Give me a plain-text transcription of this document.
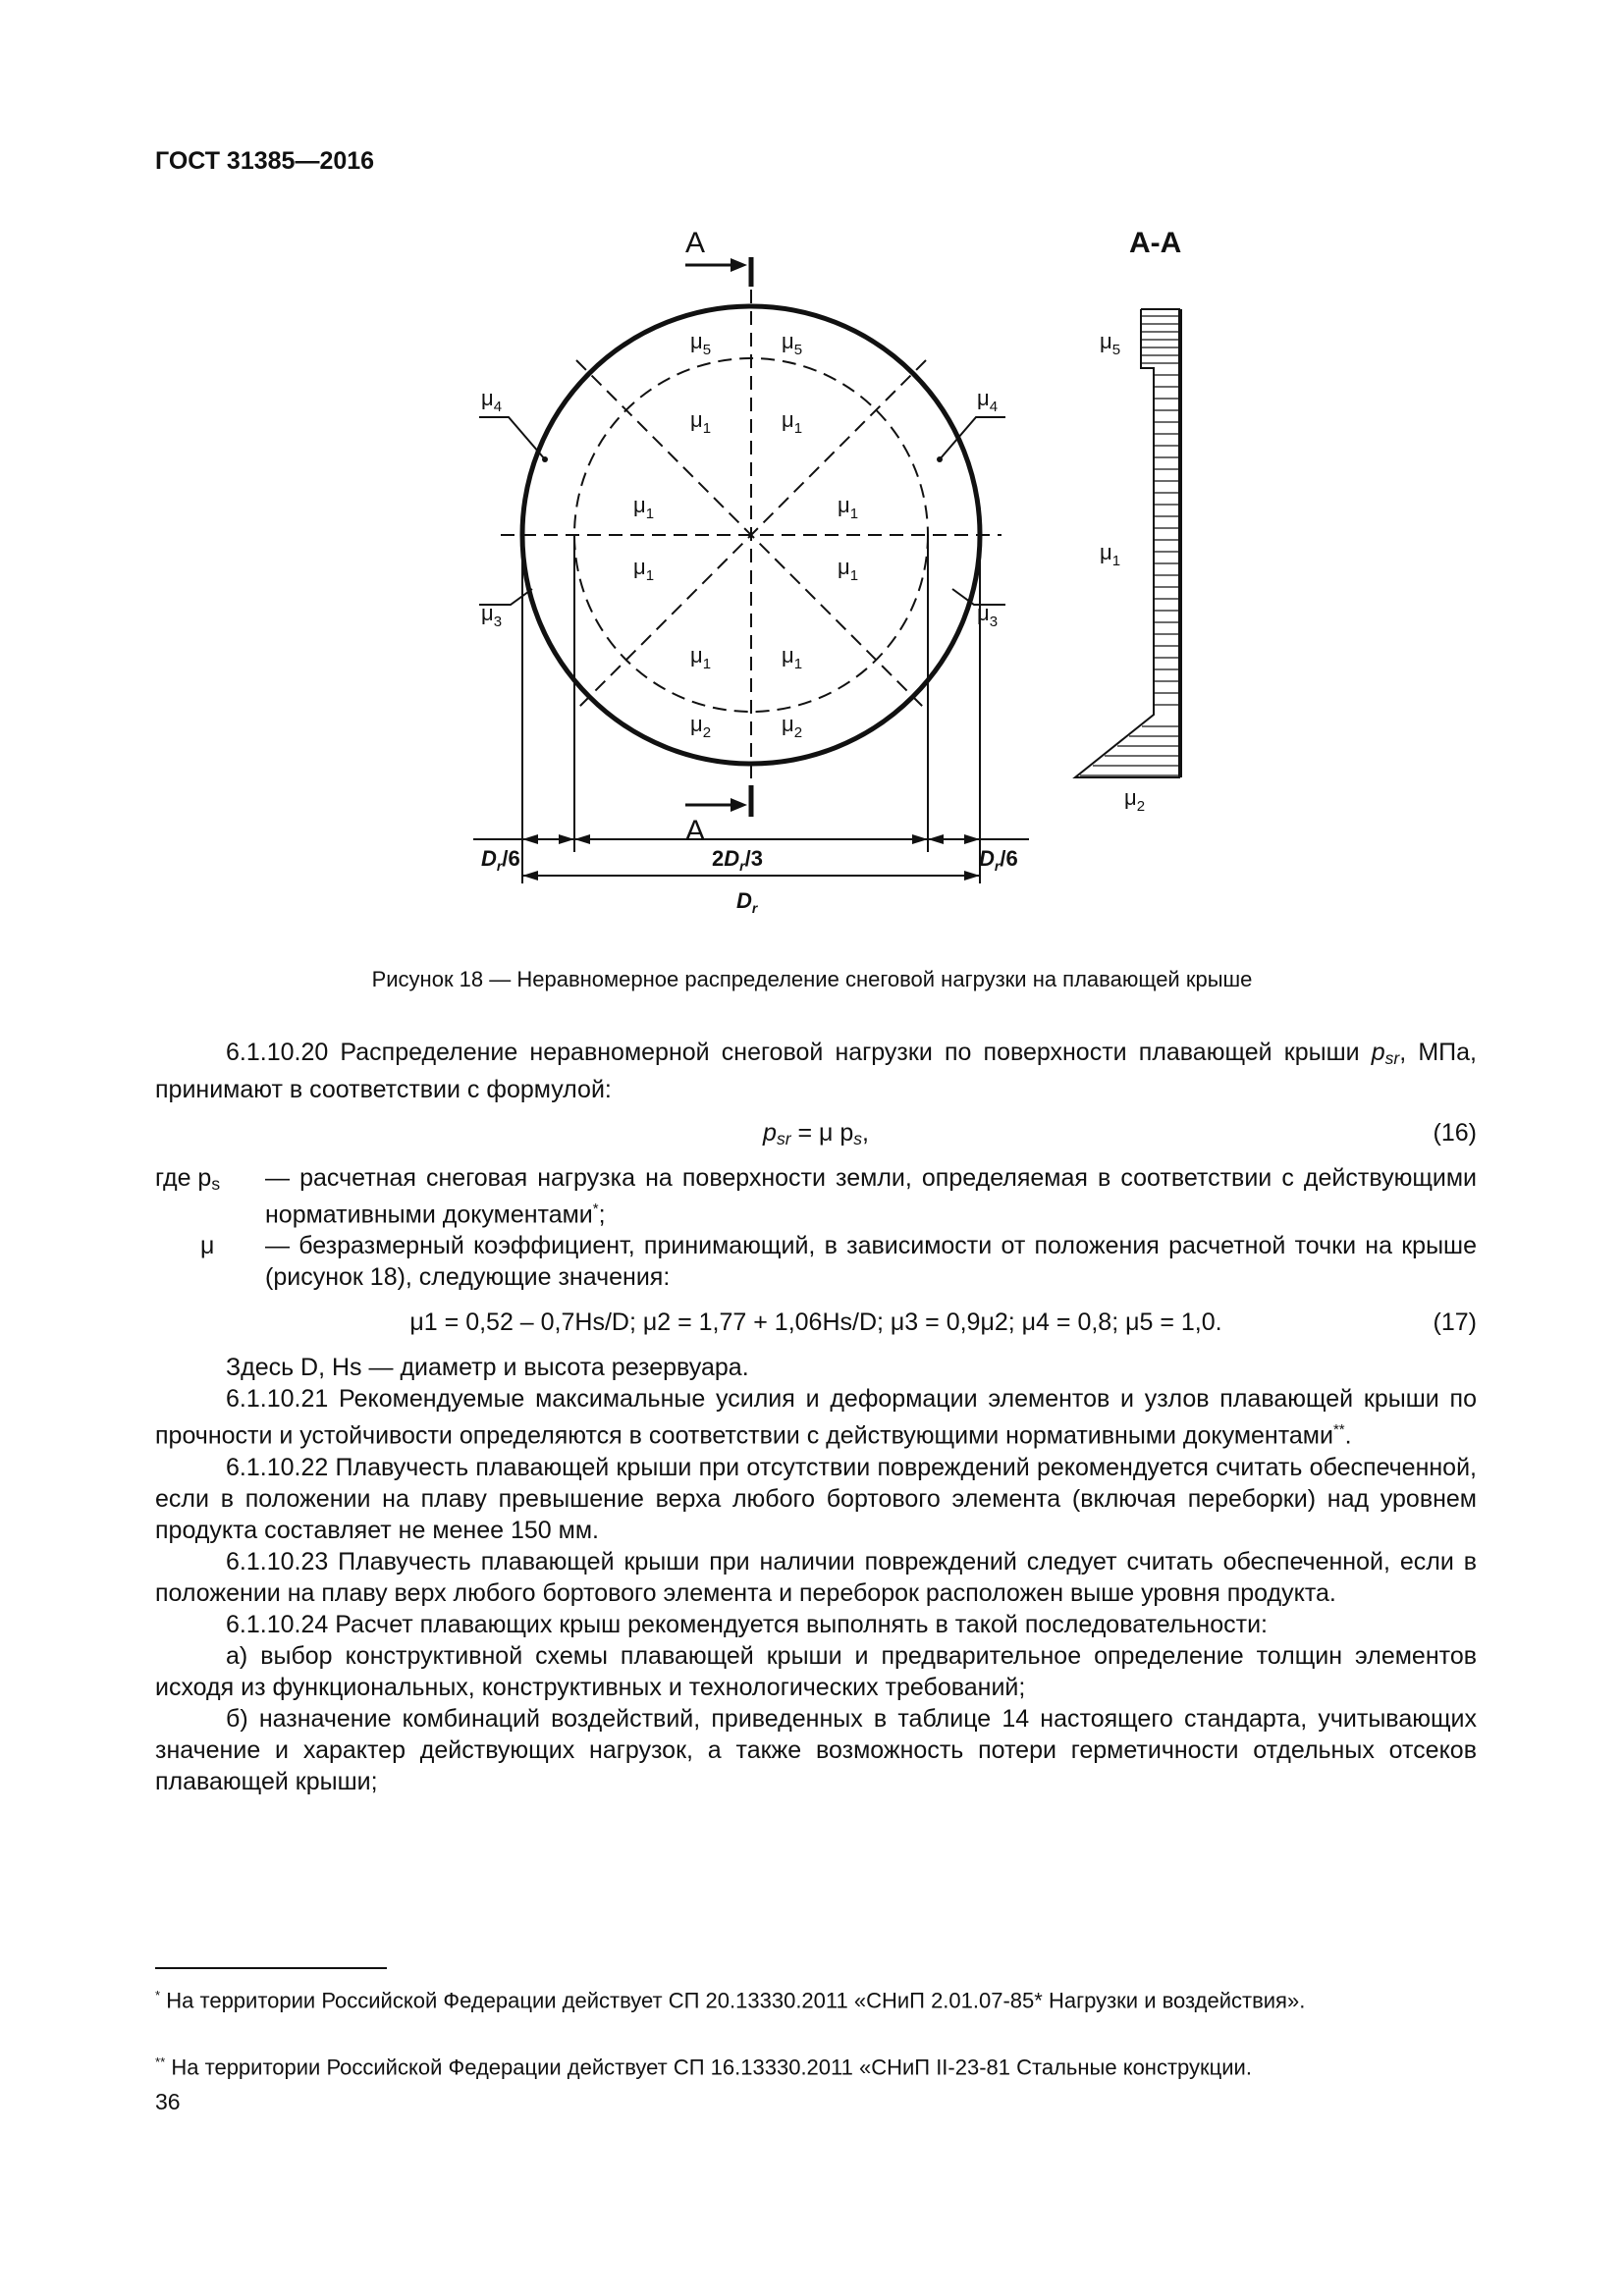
ГОСТ 31385—2016
A
A
$\mu_5$	$\mu_5$
$\mu_1$	$\mu_1$
$\mu_1$	$\mu_1$
$\mu_1$	$\mu_1$
$\mu_1$	$\mu_1$
$\mu_2$	$\mu_2$
$\mu_4$	$\mu_4$
$\mu_3$	$\mu_3$
$D_r/6$	$2D_r/3$	$D_r/6$
$D_r$
A-A
$\mu_5$
$\mu_1$
$\mu_2$
Рисунок 18 — Неравномерное распределение снеговой нагрузки на плавающей крыше

6.1.10.20 Распределение неравномерной снеговой нагрузки по поверхности плавающей крыши $p_{sr}$, МПа, принимают в соответствии с формулой:

$p_{sr} = \mu$ $p_s$,	(16)
где $p_s$ — расчетная снеговая нагрузка на поверхности земли, определяемая в соответствии с действующими нормативными документами*;
μ — безразмерный коэффициент, принимающий, в зависимости от положения расчетной точки на крыше (рисунок 18), следующие значения:
μ1 = 0,52 – 0,7Hs/D; μ2 = 1,77 + 1,06Hs/D; μ3 = 0,9μ2; μ4 = 0,8; μ5 = 1,0.	(17)

Здесь D, Hs — диаметр и высота резервуара.

6.1.10.21 Рекомендуемые максимальные усилия и деформации элементов и узлов плавающей крыши по прочности и устойчивости определяются в соответствии с действующими нормативными документами**.

6.1.10.22 Плавучесть плавающей крыши при отсутствии повреждений рекомендуется считать обеспеченной, если в положении на плаву превышение верха любого бортового элемента (включая переборки) над уровнем продукта составляет не менее 150 мм.

6.1.10.23 Плавучесть плавающей крыши при наличии повреждений следует считать обеспеченной, если в положении на плаву верх любого бортового элемента и переборок расположен выше уровня продукта.

6.1.10.24 Расчет плавающих крыш рекомендуется выполнять в такой последовательности:

а) выбор конструктивной схемы плавающей крыши и предварительное определение толщин элементов исходя из функциональных, конструктивных и технологических требований;

б) назначение комбинаций воздействий, приведенных в таблице 14 настоящего стандарта, учитывающих значение и характер действующих нагрузок, а также возможность потери герметичности отдельных отсеков плавающей крыши;

* На территории Российской Федерации действует СП 20.13330.2011 «СНиП 2.01.07-85* Нагрузки и воздействия».
** На территории Российской Федерации действует СП 16.13330.2011 «СНиП II-23-81 Стальные конструкции.
36
